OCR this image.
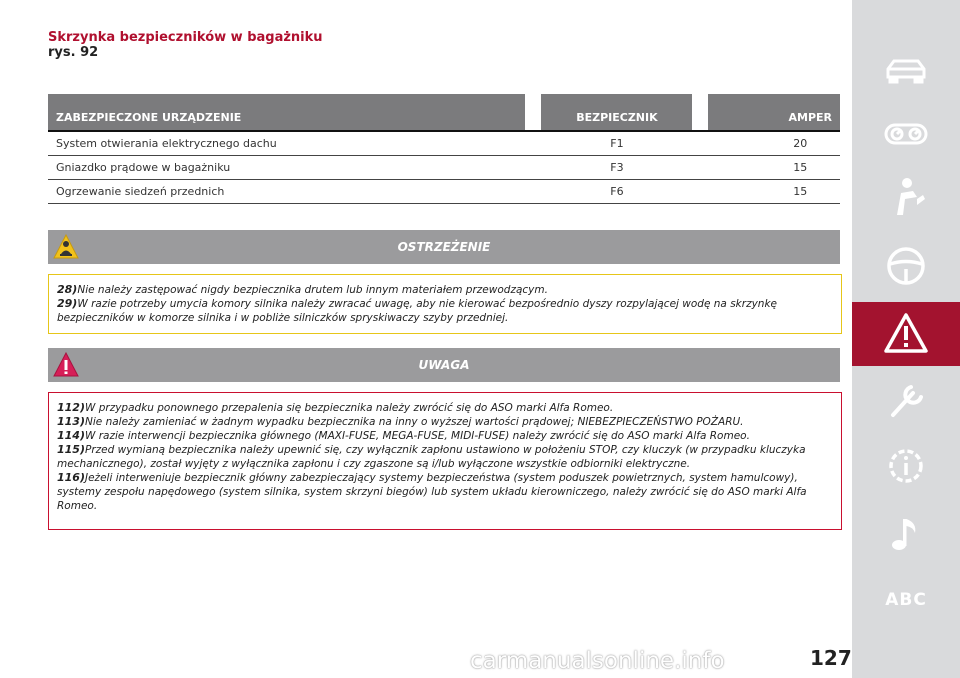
Skrzynka bezpieczników w bagażniku
rys. 92
ZABEZPIECZONE URZĄDZENIE		BEZPIECZNIK		AMPER
System otwierania elektrycznego dachu		F1		20
Gniazdko prądowe w bagażniku		F3		15
Ogrzewanie siedzeń przednich		F6		15
OSTRZEŻENIE

28)Nie należy zastępować nigdy bezpiecznika drutem lub innym materiałem przewodzącym.

29)W razie potrzeby umycia komory silnika należy zwracać uwagę, aby nie kierować bezpośrednio dyszy rozpylającej wodę na skrzynkę bezpieczników w komorze silnika i w pobliże silniczków spryskiwaczy szyby przedniej.

UWAGA

112)W przypadku ponownego przepalenia się bezpiecznika należy zwrócić się do ASO marki Alfa Romeo.

113)Nie należy zamieniać w żadnym wypadku bezpiecznika na inny o wyższej wartości prądowej; NIEBEZPIECZEŃSTWO POŻARU.

114)W razie interwencji bezpiecznika głównego (MAXI-FUSE, MEGA-FUSE, MIDI-FUSE) należy zwrócić się do ASO marki Alfa Romeo.

115)Przed wymianą bezpiecznika należy upewnić się, czy wyłącznik zapłonu ustawiono w położeniu STOP, czy kluczyk (w przypadku kluczyka mechanicznego), został wyjęty z wyłącznika zapłonu i czy zgaszone są i/lub wyłączone wszystkie odbiorniki elektryczne.

116)Jeżeli interweniuje bezpiecznik główny zabezpieczający systemy bezpieczeństwa (system poduszek powietrznych, system hamulcowy), systemy zespołu napędowego (system silnika, system skrzyni biegów) lub system układu kierowniczego, należy zwrócić się do ASO marki Alfa Romeo.

ABC
127
carmanualsonline.info
